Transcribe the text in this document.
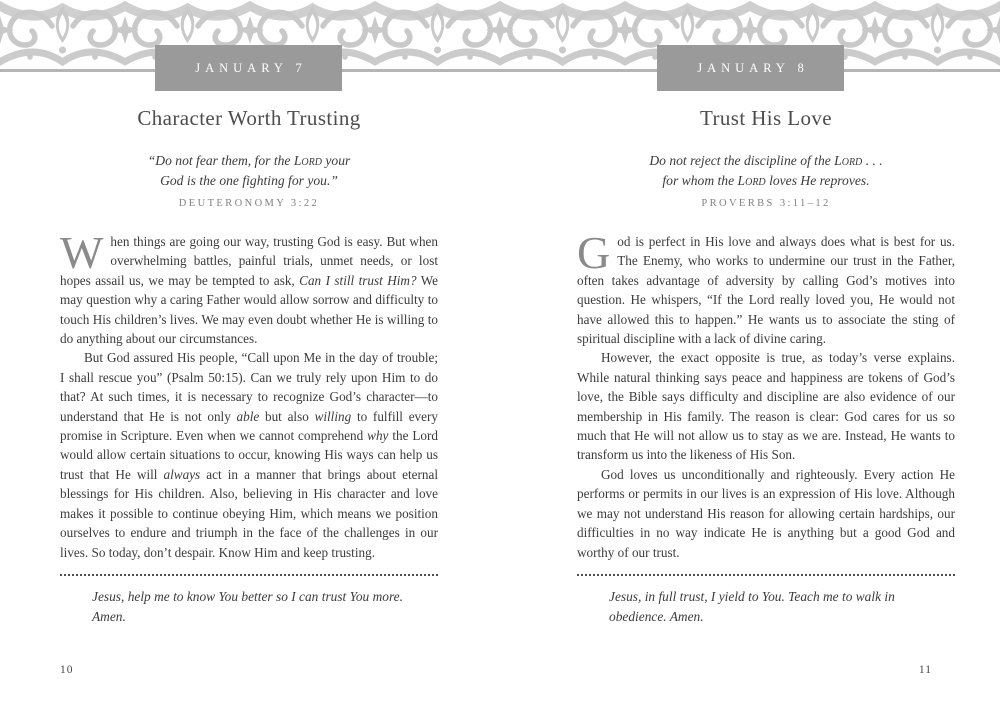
JANUARY 7	JANUARY 8
Character Worth Trusting
“Do not fear them, for the Lord your
God is the one fighting for you.”
DEUTERONOMY 3:22

When things are going our way, trusting God is easy. But when overwhelming battles, painful trials, unmet needs, or lost hopes assail us, we may be tempted to ask, Can I still trust Him? We may question why a caring Father would allow sorrow and difficulty to touch His children’s lives. We may even doubt whether He is willing to do anything about our circumstances.

But God assured His people, “Call upon Me in the day of trouble; I shall rescue you” (Psalm 50:15). Can we truly rely upon Him to do that? At such times, it is necessary to recognize God’s character—to understand that He is not only able but also willing to fulfill every promise in Scripture. Even when we cannot comprehend why the Lord would allow certain situations to occur, knowing His ways can help us trust that He will always act in a manner that brings about eternal blessings for His children. Also, believing in His character and love makes it possible to continue obeying Him, which means we position ourselves to endure and triumph in the face of the challenges in our lives. So today, don’t despair. Know Him and keep trusting.

Jesus, help me to know You better so I can trust You more.
Amen.
Trust His Love
Do not reject the discipline of the Lord . . .
for whom the Lord loves He reproves.
PROVERBS 3:11–12

God is perfect in His love and always does what is best for us. The Enemy, who works to undermine our trust in the Father, often takes advantage of adversity by calling God’s motives into question. He whispers, “If the Lord really loved you, He would not have allowed this to happen.” He wants us to associate the sting of spiritual discipline with a lack of divine caring.

However, the exact opposite is true, as today’s verse explains. While natural thinking says peace and happiness are tokens of God’s love, the Bible says difficulty and discipline are also evidence of our membership in His family. The reason is clear: God cares for us so much that He will not allow us to stay as we are. Instead, He wants to transform us into the likeness of His Son.

God loves us unconditionally and righteously. Every action He performs or permits in our lives is an expression of His love. Although we may not understand His reason for allowing certain hardships, our difficulties in no way indicate He is anything but a good God and worthy of our trust.

Jesus, in full trust, I yield to You. Teach me to walk in
obedience. Amen.
10	11
